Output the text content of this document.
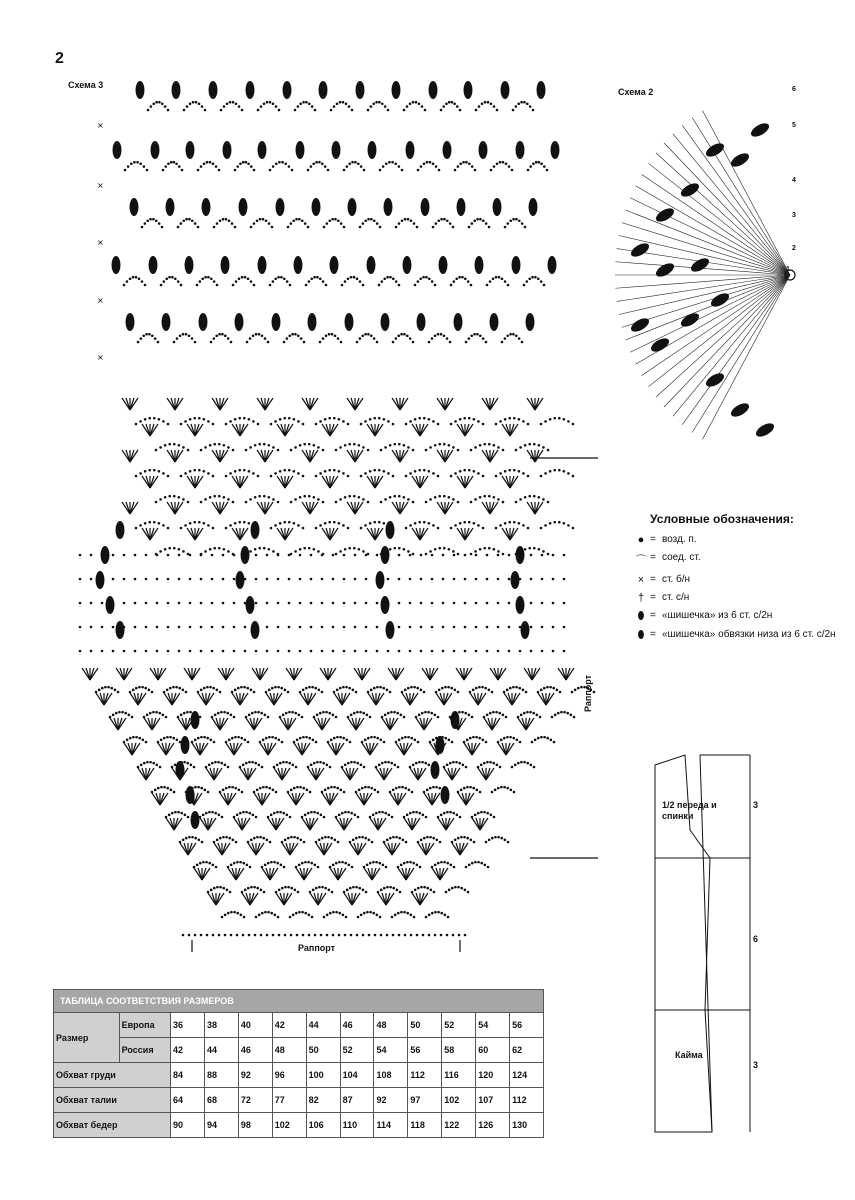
2
Схема 3
Схема 2
×
×
×
×
×
Раппорт
Раппорт
Условные обозначения:
● = возд. п.
⌒ = соед. ст.
× = ст. б/н
† = ст. с/н
⬮ = «шишечка» из 6 ст. с/2н
⬮ = «шишечка» обвязки низа из 6 ст. с/2н
1/2 переда и спинки
Кайма
3
6
3
6
5
4
3
2
1
ТАБЛИЦА СООТВЕТСТВИЯ РАЗМЕРОВ												
Размер	Европа	36	38	40	42	44	46	48	50	52	54	56
	Россия	42	44	46	48	50	52	54	56	58	60	62
Обхват груди		84	88	92	96	100	104	108	112	116	120	124
Обхват талии		64	68	72	77	82	87	92	97	102	107	112
Обхват бедер		90	94	98	102	106	110	114	118	122	126	130
